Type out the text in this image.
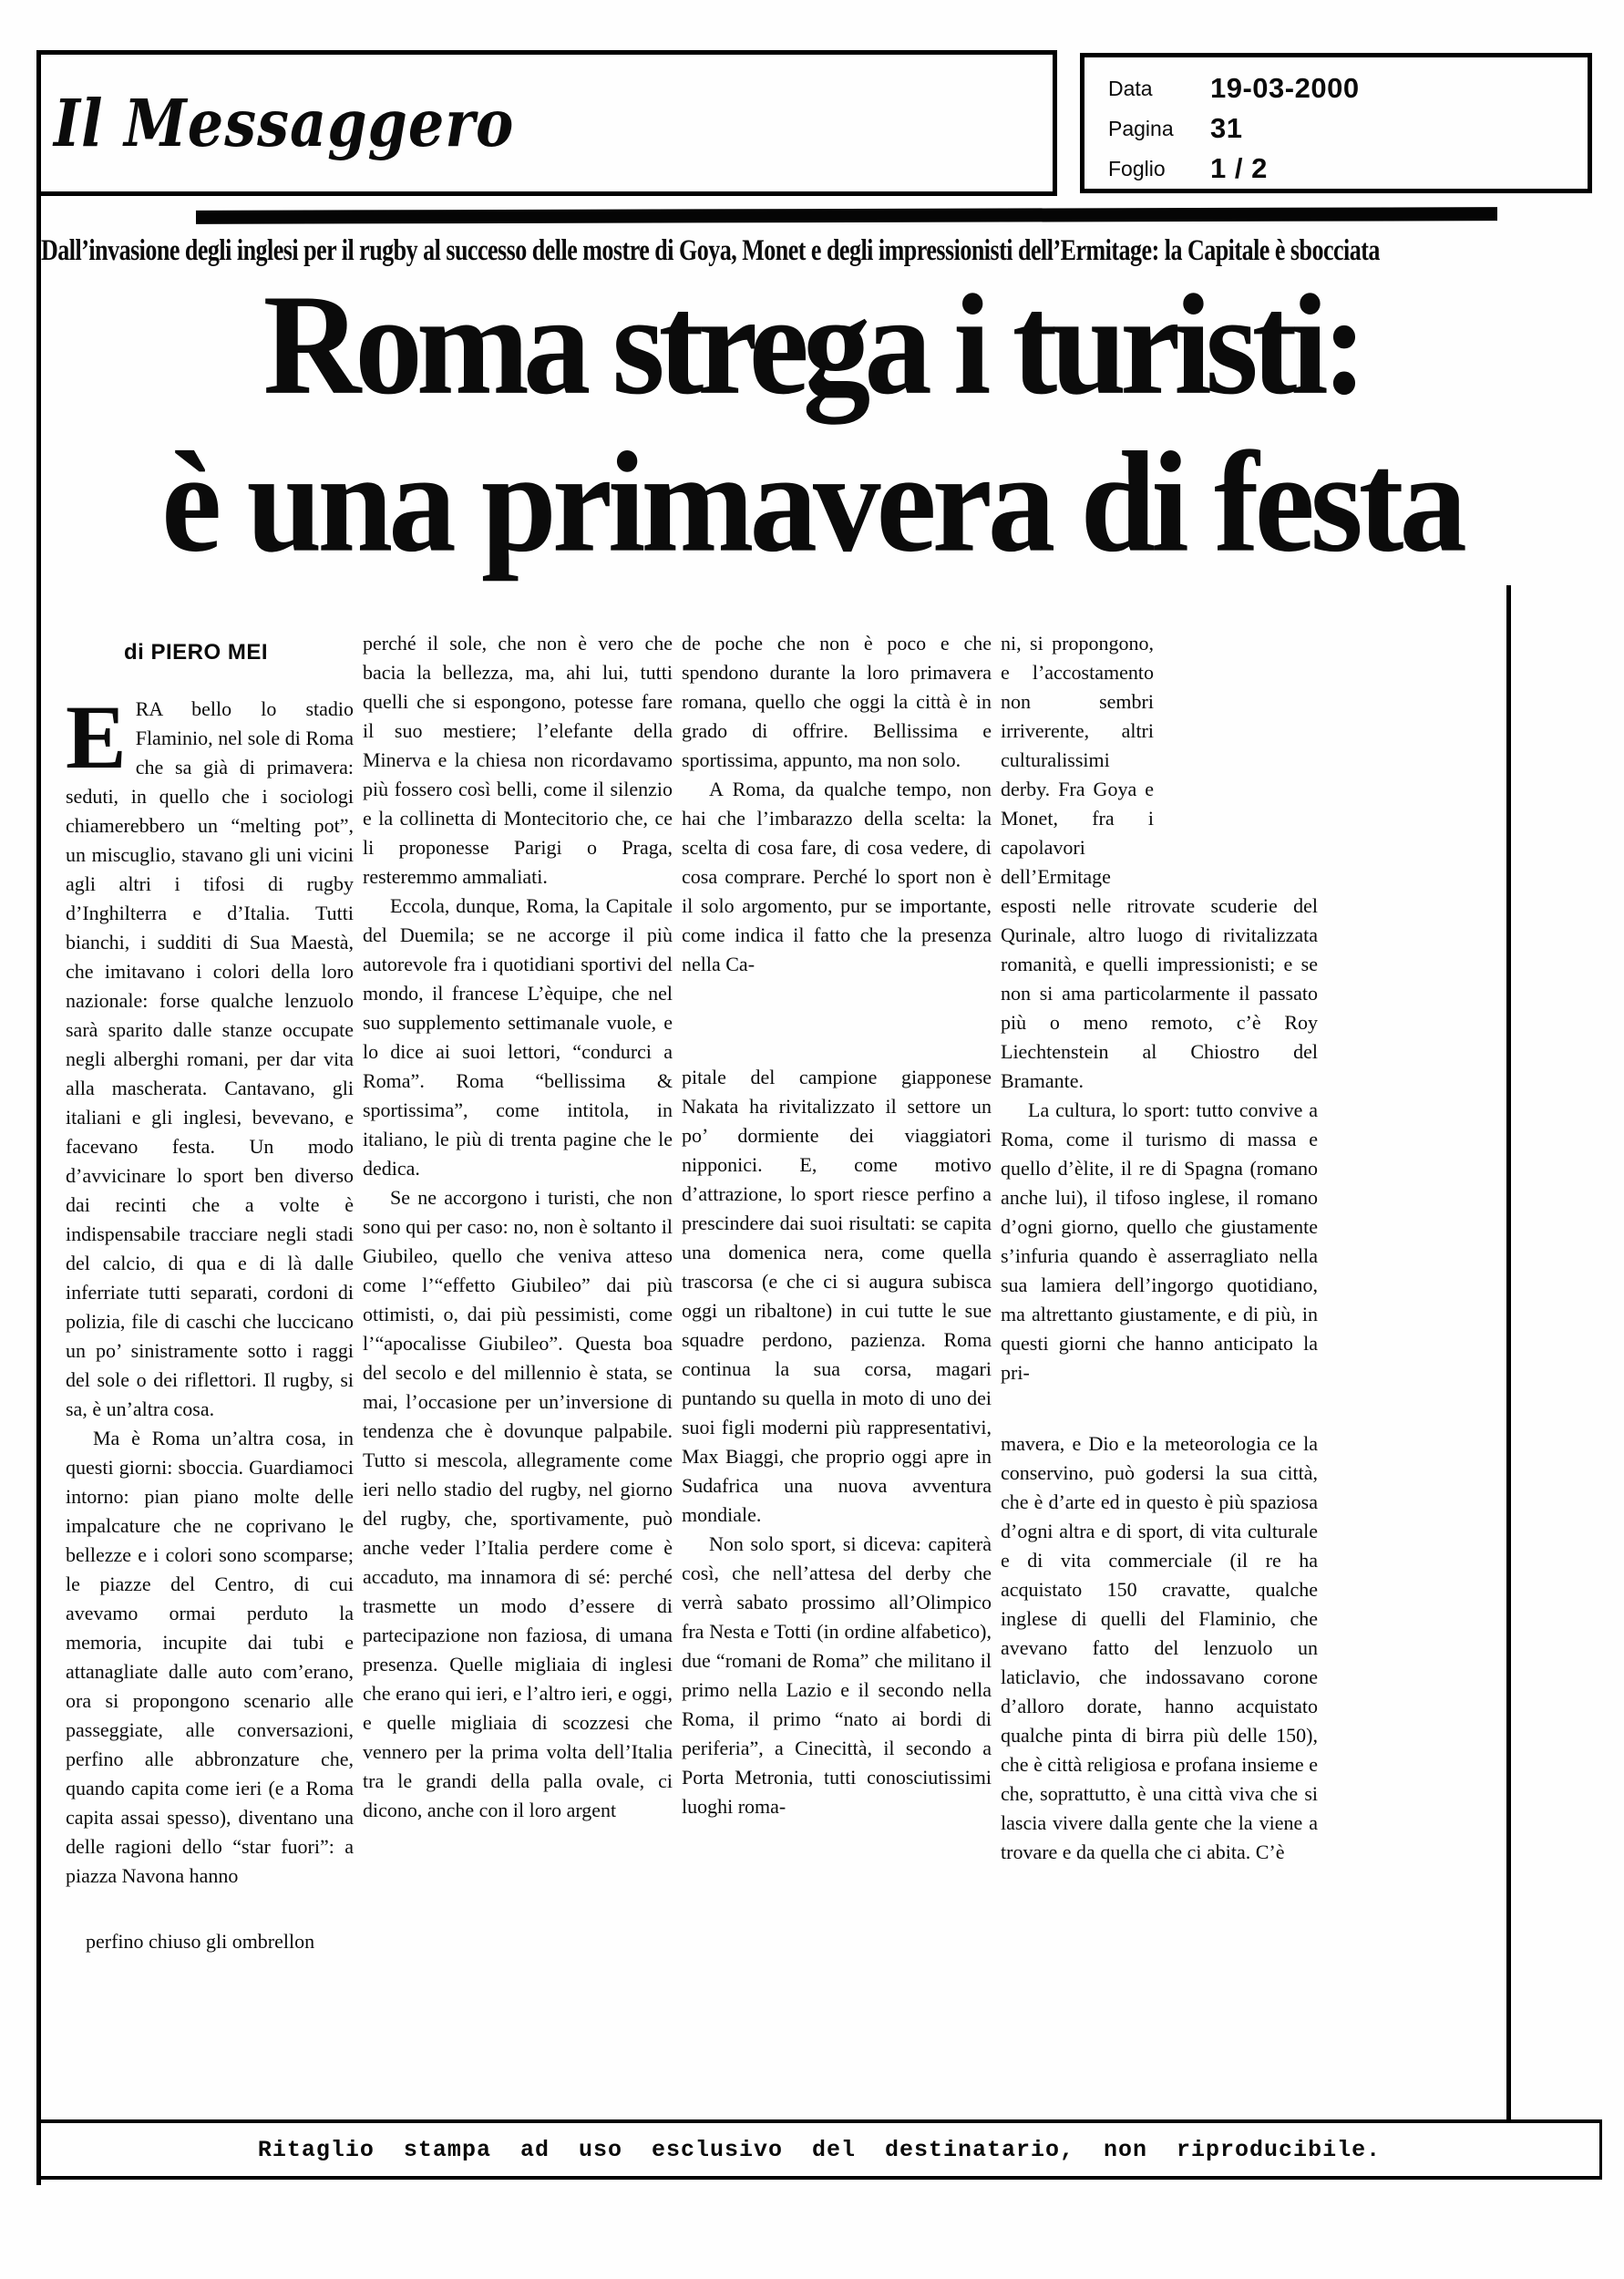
Il Messaggero	Data	19-03-2000
Pagina	31
Foglio	1 / 2
Dall’invasione degli inglesi per il rugby al successo delle mostre di Goya, Monet e degli impressionisti dell’Ermitage: la Capitale è sbocciata
Roma strega i turisti:
è una primavera di festa
di PIERO MEI

ERA bello lo stadio Flaminio, nel sole di Roma che sa già di primavera: seduti, in quello che i sociologi chiamerebbero un “melting pot”, un miscuglio, stavano gli uni vicini agli altri i tifosi di rugby d’Inghilterra e d’Italia. Tutti bianchi, i sudditi di Sua Maestà, che imitavano i colori della loro nazionale: forse qualche lenzuolo sarà sparito dalle stanze occupate negli alberghi romani, per dar vita alla mascherata. Cantavano, gli italiani e gli inglesi, bevevano, e facevano festa. Un modo d’avvicinare lo sport ben diverso dai recinti che a volte è indispensabile tracciare negli stadi del calcio, di qua e di là dalle inferriate tutti separati, cordoni di polizia, file di caschi che luccicano un po’ sinistramente sotto i raggi del sole o dei riflettori. Il rugby, si sa, è un’altra cosa.

Ma è Roma un’altra cosa, in questi giorni: sboccia. Guardiamoci intorno: pian piano molte delle impalcature che ne coprivano le bellezze e i colori sono scomparse; le piazze del Centro, di cui avevamo ormai perduto la memoria, incupite dai tubi e attanagliate dalle auto com’erano, ora si propongono scenario alle passeggiate, alle conversazioni, perfino alle abbronzature che, quando capita come ieri (e a Roma capita assai spesso), diventano una delle ragioni dello “star fuori”: a piazza Navona hanno

perfino chiuso gli ombrellon

perché il sole, che non è vero che bacia la bellezza, ma, ahi lui, tutti quelli che si espongono, potesse fare il suo mestiere; l’elefante della Minerva e la chiesa non ricordavamo più fossero così belli, come il silenzio e la collinetta di Montecitorio che, ce li proponesse Parigi o Praga, resteremmo ammaliati.

Eccola, dunque, Roma, la Capitale del Duemila; se ne accorge il più autorevole fra i quotidiani sportivi del mondo, il francese L’èquipe, che nel suo supplemento settimanale vuole, e lo dice ai suoi lettori, “condurci a Roma”. Roma “bellissima & sportissima”, come intitola, in italiano, le più di trenta pagine che le dedica.

Se ne accorgono i turisti, che non sono qui per caso: no, non è soltanto il Giubileo, quello che veniva atteso come l’“effetto Giubileo” dai più ottimisti, o, dai più pessimisti, come l’“apocalisse Giubileo”. Questa boa del secolo e del millennio è stata, se mai, l’occasione per un’inversione di tendenza che è dovunque palpabile. Tutto si mescola, allegramente come ieri nello stadio del rugby, nel giorno del rugby, che, sportivamente, può anche veder l’Italia perdere come è accaduto, ma innamora di sé: perché trasmette un modo d’essere di partecipazione non faziosa, di umana presenza. Quelle migliaia di inglesi che erano qui ieri, e l’altro ieri, e oggi, e quelle migliaia di scozzesi che vennero per la prima volta dell’Italia tra le grandi della palla ovale, ci dicono, anche con il loro argent

de poche che non è poco e che spendono durante la loro primavera romana, quello che oggi la città è in grado di offrire. Bellissima e sportissima, appunto, ma non solo.

A Roma, da qualche tempo, non hai che l’imbarazzo della scelta: la scelta di cosa fare, di cosa vedere, di cosa comprare. Perché lo sport non è il solo argomento, pur se importante, come indica il fatto che la presenza nella Ca-

pitale del campione giapponese Nakata ha rivitalizzato il settore un po’ dormiente dei viaggiatori nipponici. E, come motivo d’attrazione, lo sport riesce perfino a prescindere dai suoi risultati: se capita una domenica nera, come quella trascorsa (e che ci si augura subisca oggi un ribaltone) in cui tutte le sue squadre perdono, pazienza. Roma continua la sua corsa, magari puntando su quella in moto di uno dei suoi figli moderni più rappresentativi, Max Biaggi, che proprio oggi apre in Sudafrica una nuova avventura mondiale.

Non solo sport, si diceva: capiterà così, che nell’attesa del derby che verrà sabato prossimo all’Olimpico fra Nesta e Totti (in ordine alfabetico), due “romani de Roma” che militano il primo nella Lazio e il secondo nella Roma, il primo “nato ai bordi di periferia”, a Cinecittà, il secondo a Porta Metronia, tutti conosciutissimi luoghi roma-

ni, si propongono, e l’accostamento non sembri irriverente, altri culturalissimi derby. Fra Goya e Monet, fra i capolavori dell’Ermitage

esposti nelle ritrovate scuderie del Qurinale, altro luogo di rivitalizzata romanità, e quelli impressionisti; e se non si ama particolarmente il passato più o meno remoto, c’è Roy Liechtenstein al Chiostro del Bramante.

La cultura, lo sport: tutto convive a Roma, come il turismo di massa e quello d’èlite, il re di Spagna (romano anche lui), il tifoso inglese, il romano d’ogni giorno, quello che giustamente s’infuria quando è asserragliato nella sua lamiera dell’ingorgo quotidiano, ma altrettanto giustamente, e di più, in questi giorni che hanno anticipato la pri-

mavera, e Dio e la meteorologia ce la conservino, può godersi la sua città, che è d’arte ed in questo è più spaziosa d’ogni altra e di sport, di vita culturale e di vita commerciale (il re ha acquistato 150 cravatte, qualche inglese di quelli del Flaminio, che avevano fatto del lenzuolo un laticlavio, che indossavano corone d’alloro dorate, hanno acquistato qualche pinta di birra più delle 150), che è città religiosa e profana insieme e che, soprattutto, è una città viva che si lascia vivere dalla gente che la viene a trovare e da quella che ci abita. C’è

Ritaglio stampa ad uso esclusivo del destinatario, non riproducibile.
